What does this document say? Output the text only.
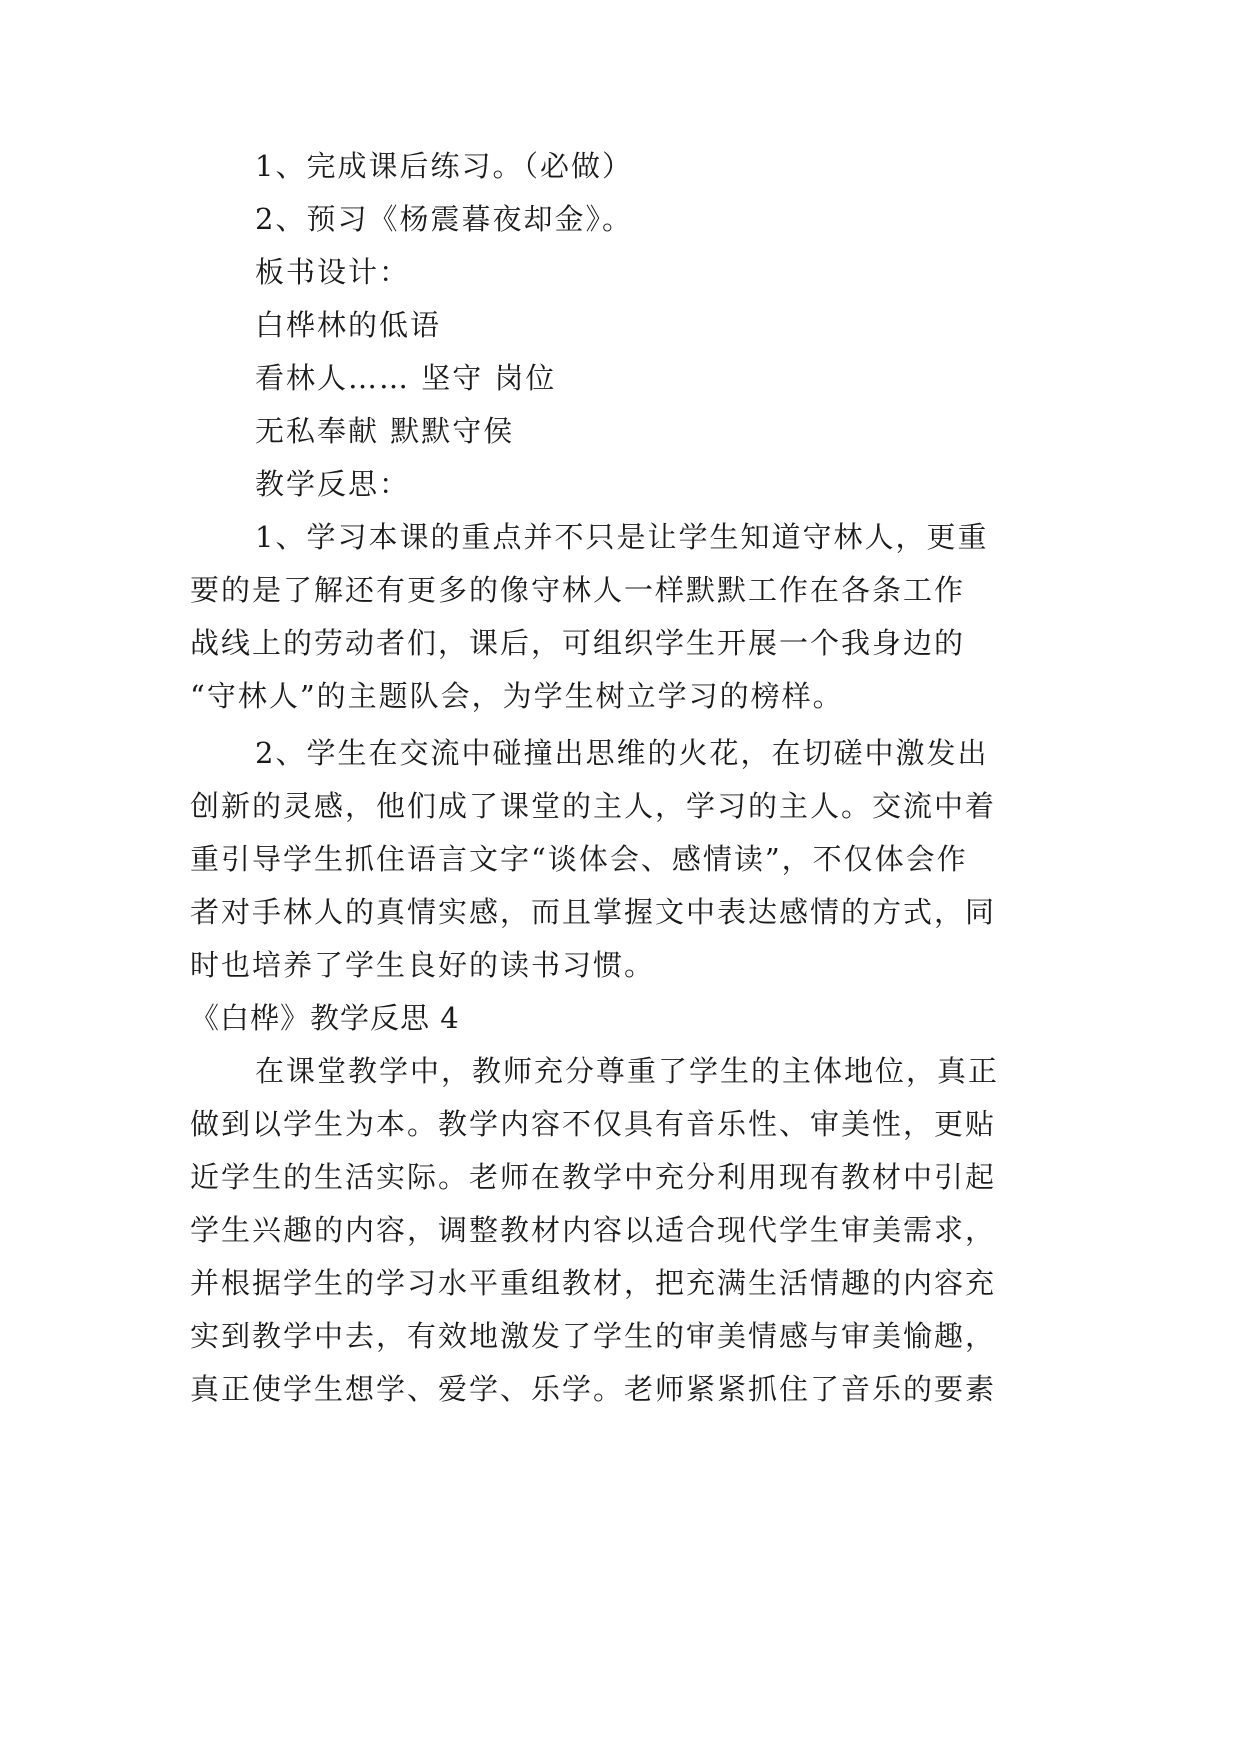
1、完成课后练习。（必做）

2、预习《杨震暮夜却金》。

板书设计：

白桦林的低语

看林人…… 坚守 岗位

无私奉献 默默守侯

教学反思：

1、学习本课的重点并不只是让学生知道守林人，更重

要的是了解还有更多的像守林人一样默默工作在各条工作

战线上的劳动者们，课后，可组织学生开展一个我身边的

“守林人”的主题队会，为学生树立学习的榜样。

2、学生在交流中碰撞出思维的火花，在切磋中激发出

创新的灵感，他们成了课堂的主人，学习的主人。交流中着

重引导学生抓住语言文字“谈体会、感情读”，不仅体会作

者对手林人的真情实感，而且掌握文中表达感情的方式，同

时也培养了学生良好的读书习惯。

《白桦》教学反思 4

在课堂教学中，教师充分尊重了学生的主体地位，真正

做到以学生为本。教学内容不仅具有音乐性、审美性，更贴

近学生的生活实际。老师在教学中充分利用现有教材中引起

学生兴趣的内容，调整教材内容以适合现代学生审美需求，

并根据学生的学习水平重组教材，把充满生活情趣的内容充

实到教学中去，有效地激发了学生的审美情感与审美愉趣，

真正使学生想学、爱学、乐学。老师紧紧抓住了音乐的要素
